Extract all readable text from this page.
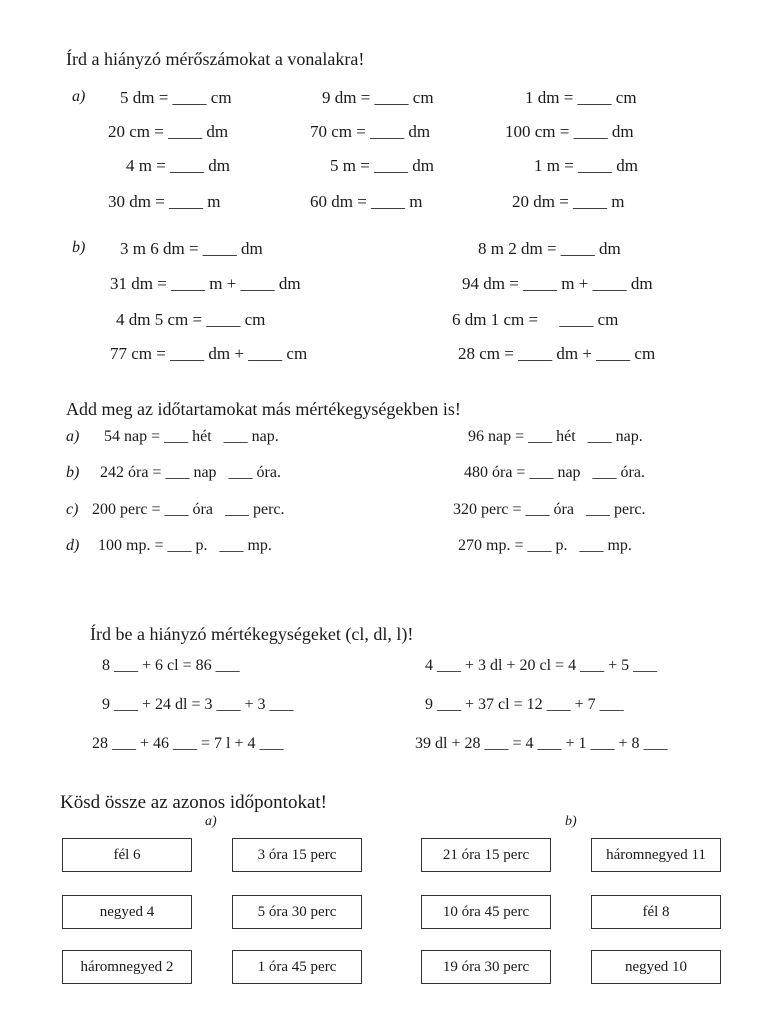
Írd a hiányzó mérőszámokat a vonalakra!
a) 5 dm = ____ cm	9 dm = ____ cm	1 dm = ____ cm
20 cm = ____ dm	70 cm = ____ dm	100 cm = ____ dm
4 m = ____ dm	5 m = ____ dm	1 m = ____ dm
30 dm = ____ m	60 dm = ____ m	20 dm = ____ m
b) 3 m 6 dm = ____ dm	8 m 2 dm = ____ dm
31 dm = ____ m + ____ dm	94 dm = ____ m + ____ dm
4 dm 5 cm = ____ cm	6 dm 1 cm =     ____ cm
77 cm = ____ dm + ____ cm	28 cm = ____ dm + ____ cm
Add meg az időtartamokat más mértékegységekben is!
a) 54 nap = ___ hét   ___ nap.	96 nap = ___ hét   ___ nap.
b) 242 óra = ___ nap   ___ óra.	480 óra = ___ nap   ___ óra.
c) 200 perc = ___ óra   ___ perc.	320 perc = ___ óra   ___ perc.
d) 100 mp. = ___ p.   ___ mp.	270 mp. = ___ p.   ___ mp.
Írd be a hiányzó mértékegységeket (cl, dl, l)!
8 ___ + 6 cl = 86 ___	4 ___ + 3 dl + 20 cl = 4 ___ + 5 ___
9 ___ + 24 dl = 3 ___ + 3 ___	9 ___ + 37 cl = 12 ___ + 7 ___
28 ___ + 46 ___ = 7 l + 4 ___	39 dl + 28 ___ = 4 ___ + 1 ___ + 8 ___
Kösd össze az azonos időpontokat!
a)	b)
fél 6
negyed 4
háromnegyed 2
3 óra 15 perc
5 óra 30 perc
1 óra 45 perc
21 óra 15 perc
10 óra 45 perc
19 óra 30 perc
háromnegyed 11
fél 8
negyed 10
